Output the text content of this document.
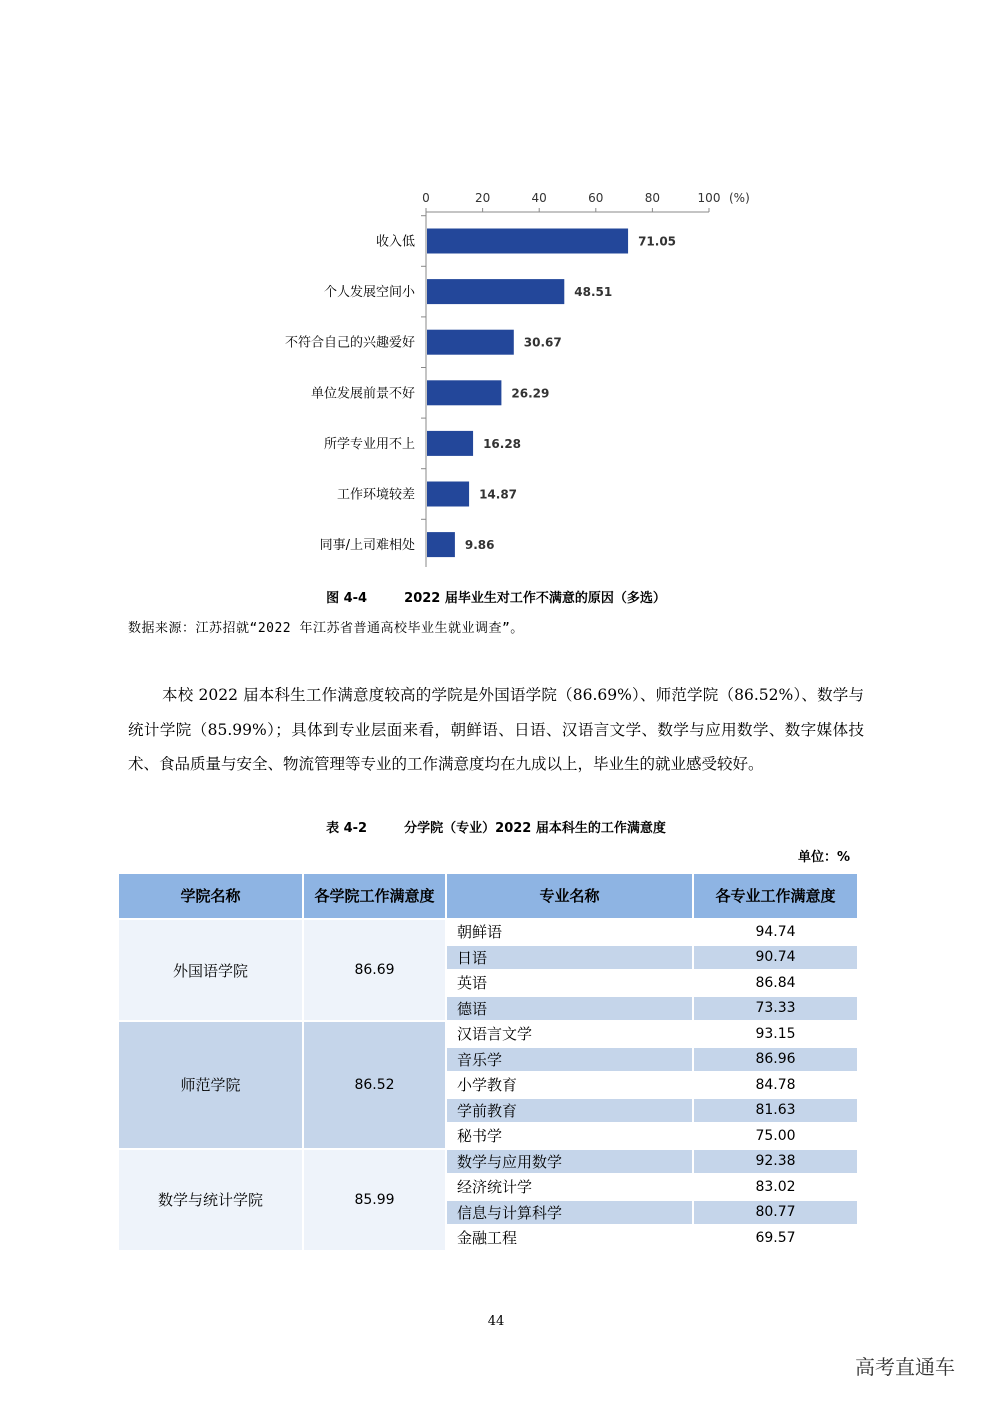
0	20	40	60	80	100 (%)
收入低	71.05
个人发展空间小	48.51
不符合自己的兴趣爱好	30.67
单位发展前景不好	26.29
所学专业用不上	16.28
工作环境较差	14.87
同事/上司难相处	9.86
图 4-4	2022 届毕业生对工作不满意的原因（多选）
数据来源：江苏招就“2022 年江苏省普通高校毕业生就业调查”。
本校 2022 届本科生工作满意度较高的学院是外国语学院（86.69%）、师范学院（86.52%）、数学与统计学院（85.99%）；具体到专业层面来看，朝鲜语、日语、汉语言文学、数学与应用数学、数字媒体技术、食品质量与安全、物流管理等专业的工作满意度均在九成以上，毕业生的就业感受较好。
表 4-2	分学院（专业）2022 届本科生的工作满意度
单位：%
学院名称	各学院工作满意度	专业名称	各专业工作满意度
外国语学院	86.69	朝鲜语	94.74
		日语	90.74
		英语	86.84
		德语	73.33
师范学院	86.52	汉语言文学	93.15
		音乐学	86.96
		小学教育	84.78
		学前教育	81.63
		秘书学	75.00
数学与统计学院	85.99	数学与应用数学	92.38
		经济统计学	83.02
		信息与计算科学	80.77
		金融工程	69.57
44
高考直通车
